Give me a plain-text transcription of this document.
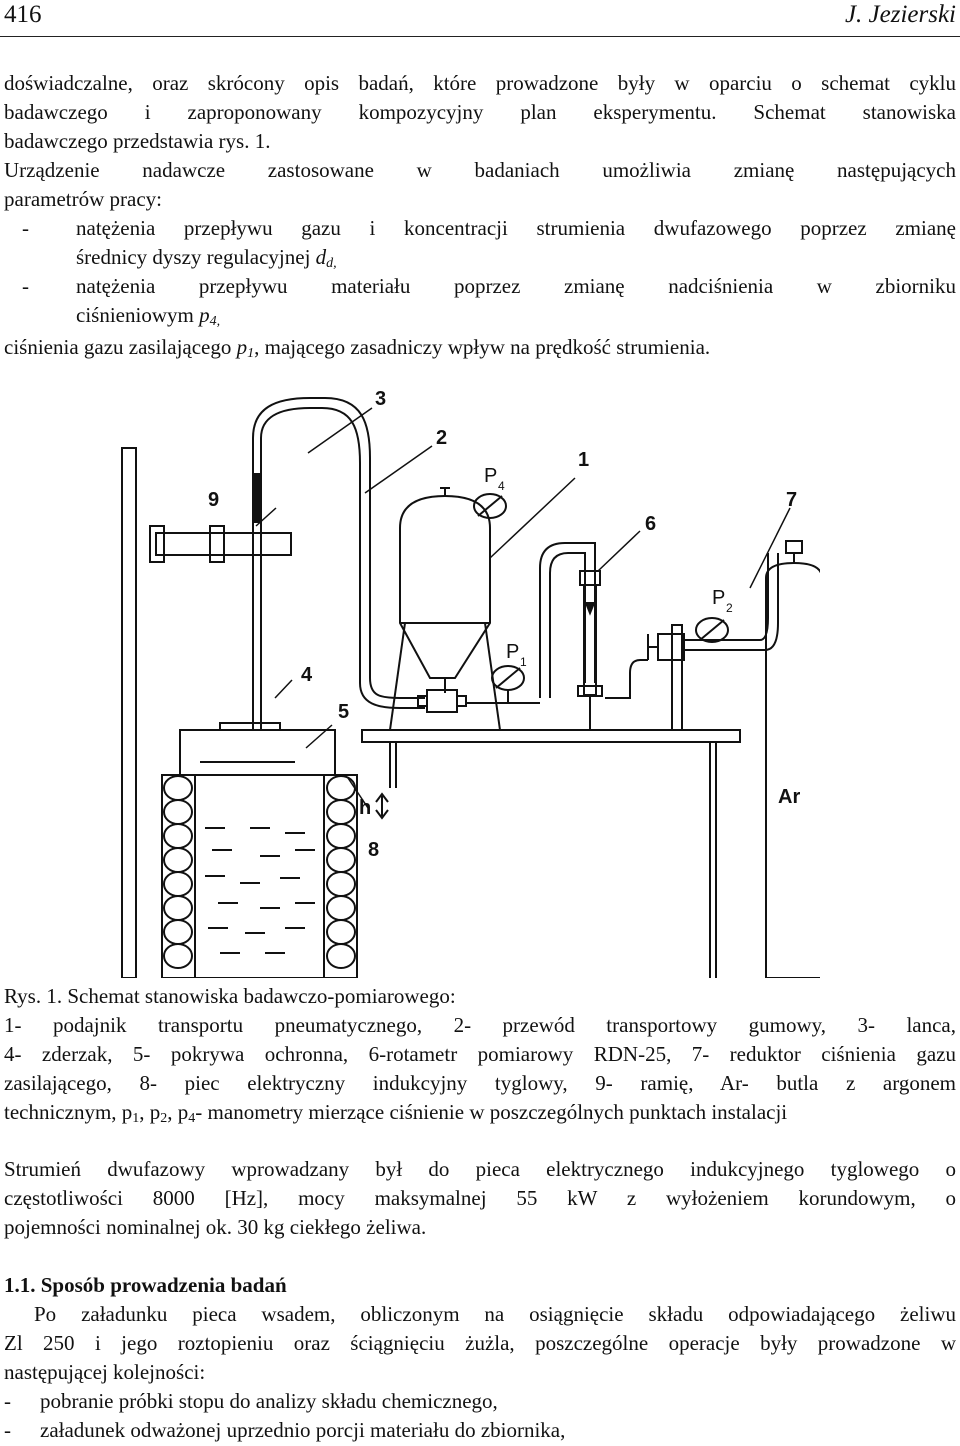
416	J. Jezierski
doświadczalne, oraz skrócony opis badań, które prowadzone były w oparciu o schemat cyklu
badawczego i zaproponowany kompozycyjny plan eksperymentu. Schemat stanowiska
badawczego przedstawia rys. 1.
Urządzenie nadawcze zastosowane w badaniach umożliwia zmianę następujących
parametrów pracy:
- natężenia przepływu gazu i koncentracji strumienia dwufazowego poprzez zmianę
średnicy dyszy regulacyjnej $d_{d,}$
- natężenia przepływu materiału poprzez zmianę nadciśnienia w zbiorniku
ciśnieniowym $p_{4,}$
ciśnienia gazu zasilającego $p_1$, mającego zasadniczy wpływ na prędkość strumienia.
3
2
1
9	7
6
4
5
h
8
Ar
P 4
P 1
P 2
Rys. 1. Schemat stanowiska badawczo-pomiarowego:
1- podajnik transportu pneumatycznego, 2- przewód transportowy gumowy, 3- lanca,
4- zderzak, 5- pokrywa ochronna, 6-rotametr pomiarowy RDN-25, 7- reduktor ciśnienia gazu
zasilającego, 8- piec elektryczny indukcyjny tyglowy, 9- ramię, Ar- butla z argonem
technicznym, $p_1$, $p_2$, $p_4-$ manometry mierzące ciśnienie w poszczególnych punktach instalacji
Strumień dwufazowy wprowadzany był do pieca elektrycznego indukcyjnego tyglowego o
częstotliwości 8000 [Hz], mocy maksymalnej 55 kW z wyłożeniem korundowym, o
pojemności nominalnej ok. 30 kg ciekłego żeliwa.
1.1. Sposób prowadzenia badań
Po załadunku pieca wsadem, obliczonym na osiągnięcie składu odpowiadającego żeliwu
Zl 250 i jego roztopieniu oraz ściągnięciu żużla, poszczególne operacje były prowadzone w
następującej kolejności:
- pobranie próbki stopu do analizy składu chemicznego,
- załadunek odważonej uprzednio porcji materiału do zbiornika,
